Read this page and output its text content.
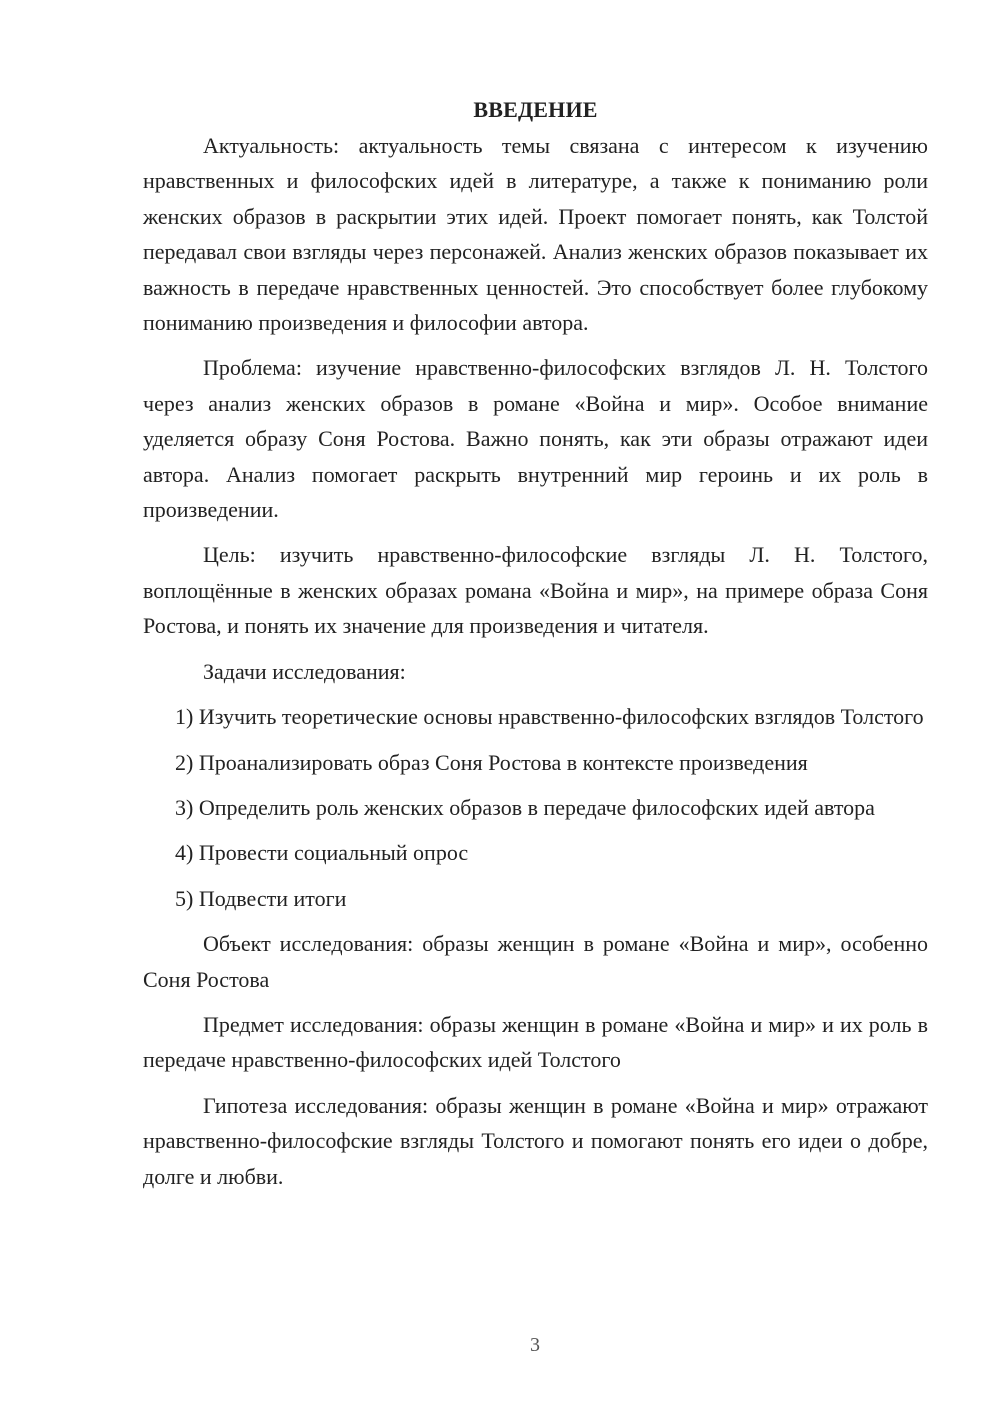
ВВЕДЕНИЕ

Актуальность: актуальность темы связана с интересом к изучению нравственных и философских идей в литературе, а также к пониманию роли женских образов в раскрытии этих идей. Проект помогает понять, как Толстой передавал свои взгляды через персонажей. Анализ женских образов показывает их важность в передаче нравственных ценностей. Это способствует более глубокому пониманию произведения и философии автора.

Проблема: изучение нравственно-философских взглядов Л. Н. Толстого через анализ женских образов в романе «Война и мир». Особое внимание уделяется образу Соня Ростова. Важно понять, как эти образы отражают идеи автора. Анализ помогает раскрыть внутренний мир героинь и их роль в произведении.

Цель: изучить нравственно-философские взгляды Л. Н. Толстого, воплощённые в женских образах романа «Война и мир», на примере образа Соня Ростова, и понять их значение для произведения и читателя.

Задачи исследования:

1) Изучить теоретические основы нравственно-философских взглядов Толстого

2) Проанализировать образ Соня Ростова в контексте произведения

3) Определить роль женских образов в передаче философских идей автора

4) Провести социальный опрос

5) Подвести итоги

Объект исследования: образы женщин в романе «Война и мир», особенно Соня Ростова

Предмет исследования: образы женщин в романе «Война и мир» и их роль в передаче нравственно-философских идей Толстого

Гипотеза исследования: образы женщин в романе «Война и мир» отражают нравственно-философские взгляды Толстого и помогают понять его идеи о добре, долге и любви.

3
